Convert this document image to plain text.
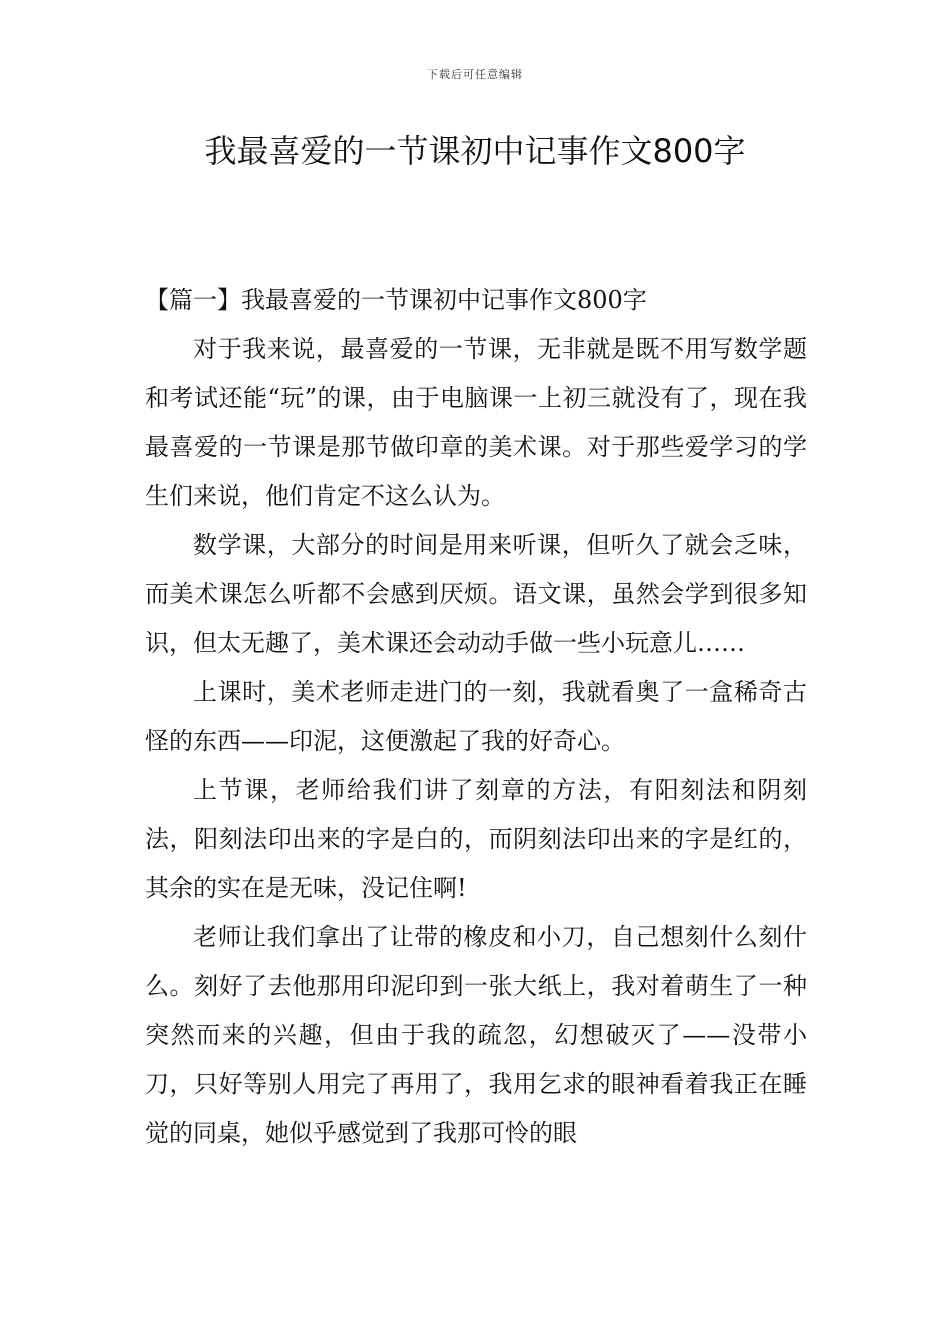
下载后可任意编辑
我最喜爱的一节课初中记事作文800字

【篇一】我最喜爱的一节课初中记事作文800字

对于我来说，最喜爱的一节课，无非就是既不用写数学题和考试还能“玩”的课，由于电脑课一上初三就没有了，现在我最喜爱的一节课是那节做印章的美术课。对于那些爱学习的学生们来说，他们肯定不这么认为。

数学课，大部分的时间是用来听课，但听久了就会乏味，而美术课怎么听都不会感到厌烦。语文课，虽然会学到很多知识，但太无趣了，美术课还会动动手做一些小玩意儿……

上课时，美术老师走进门的一刻，我就看奥了一盒稀奇古怪的东西——印泥，这便激起了我的好奇心。

上节课，老师给我们讲了刻章的方法，有阳刻法和阴刻法，阳刻法印出来的字是白的，而阴刻法印出来的字是红的，其余的实在是无味，没记住啊!

老师让我们拿出了让带的橡皮和小刀，自己想刻什么刻什么。刻好了去他那用印泥印到一张大纸上，我对着萌生了一种突然而来的兴趣，但由于我的疏忽，幻想破灭了——没带小刀，只好等别人用完了再用了，我用乞求的眼神看着我正在睡觉的同桌，她似乎感觉到了我那可怜的眼
